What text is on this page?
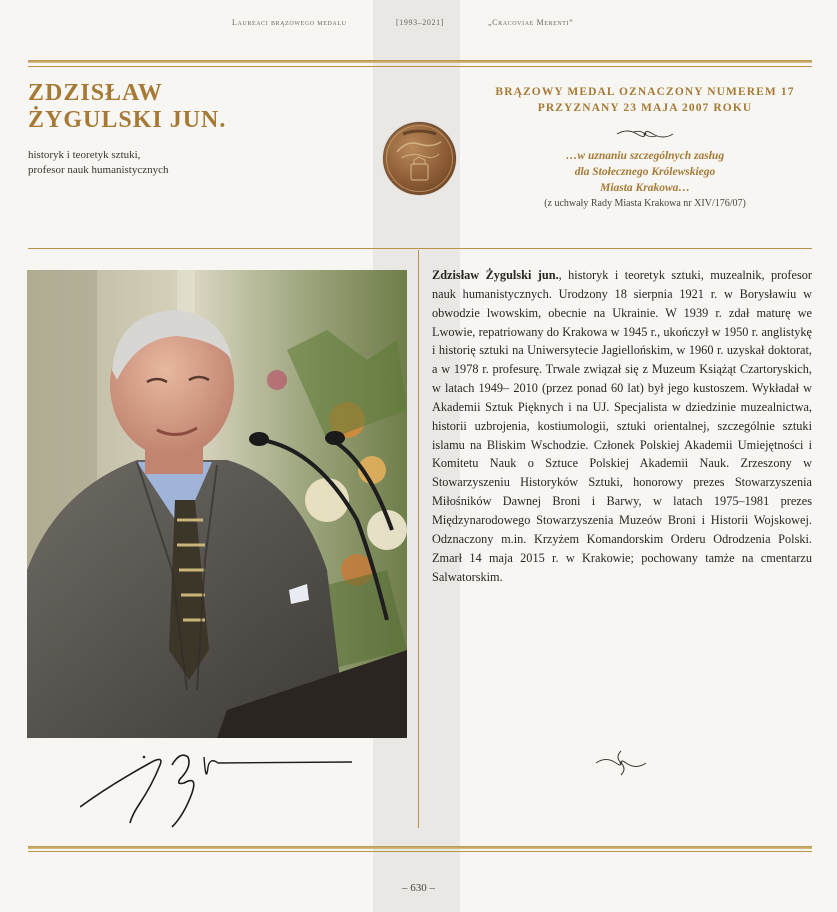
Laureaci brązowego medalu	[1993–2021]	„Cracoviae Merenti”
ZDZISŁAW
ŻYGULSKI JUN.
historyk i teoretyk sztuki,
profesor nauk humanistycznych
BRĄZOWY MEDAL OZNACZONY NUMEREM 17
PRZYZNANY 23 MAJA 2007 ROKU
…w uznaniu szczególnych zasług
dla Stołecznego Królewskiego
Miasta Krakowa…
(z uchwały Rady Miasta Krakowa nr XIV/176/07)

Zdzisław Żygulski jun., historyk i teoretyk sztuki, muzealnik, profesor nauk humanistycznych. Urodzony 18 sierpnia 1921 r. w Borysławiu w obwodzie lwowskim, obecnie na Ukrainie. W 1939 r. zdał maturę we Lwowie, repatriowany do Krakowa w 1945 r., ukończył w 1950 r. anglistykę i historię sztuki na Uniwersytecie Jagiellońskim, w 1960 r. uzyskał doktorat, a w 1978 r. profesurę. Trwale związał się z Muzeum Książąt Czartoryskich, w latach 1949– 2010 (przez ponad 60 lat) był jego kustoszem. Wykładał w Akademii Sztuk Pięknych i na UJ. Specjalista w dziedzinie muzealnictwa, historii uzbrojenia, kostiumologii, sztuki orientalnej, szczególnie sztuki islamu na Bliskim Wschodzie. Członek Polskiej Akademii Umiejętności i Komitetu Nauk o Sztuce Polskiej Akademii Nauk. Zrzeszony w Stowarzyszeniu Historyków Sztuki, honorowy prezes Stowarzyszenia Miłośników Dawnej Broni i Barwy, w latach 1975–1981 prezes Międzynarodowego Stowarzyszenia Muzeów Broni i Historii Wojskowej. Odznaczony m.in. Krzyżem Komandorskim Orderu Odrodzenia Polski. Zmarł 14 maja 2015 r. w Krakowie; pochowany tamże na cmentarzu Salwatorskim.

– 630 –
